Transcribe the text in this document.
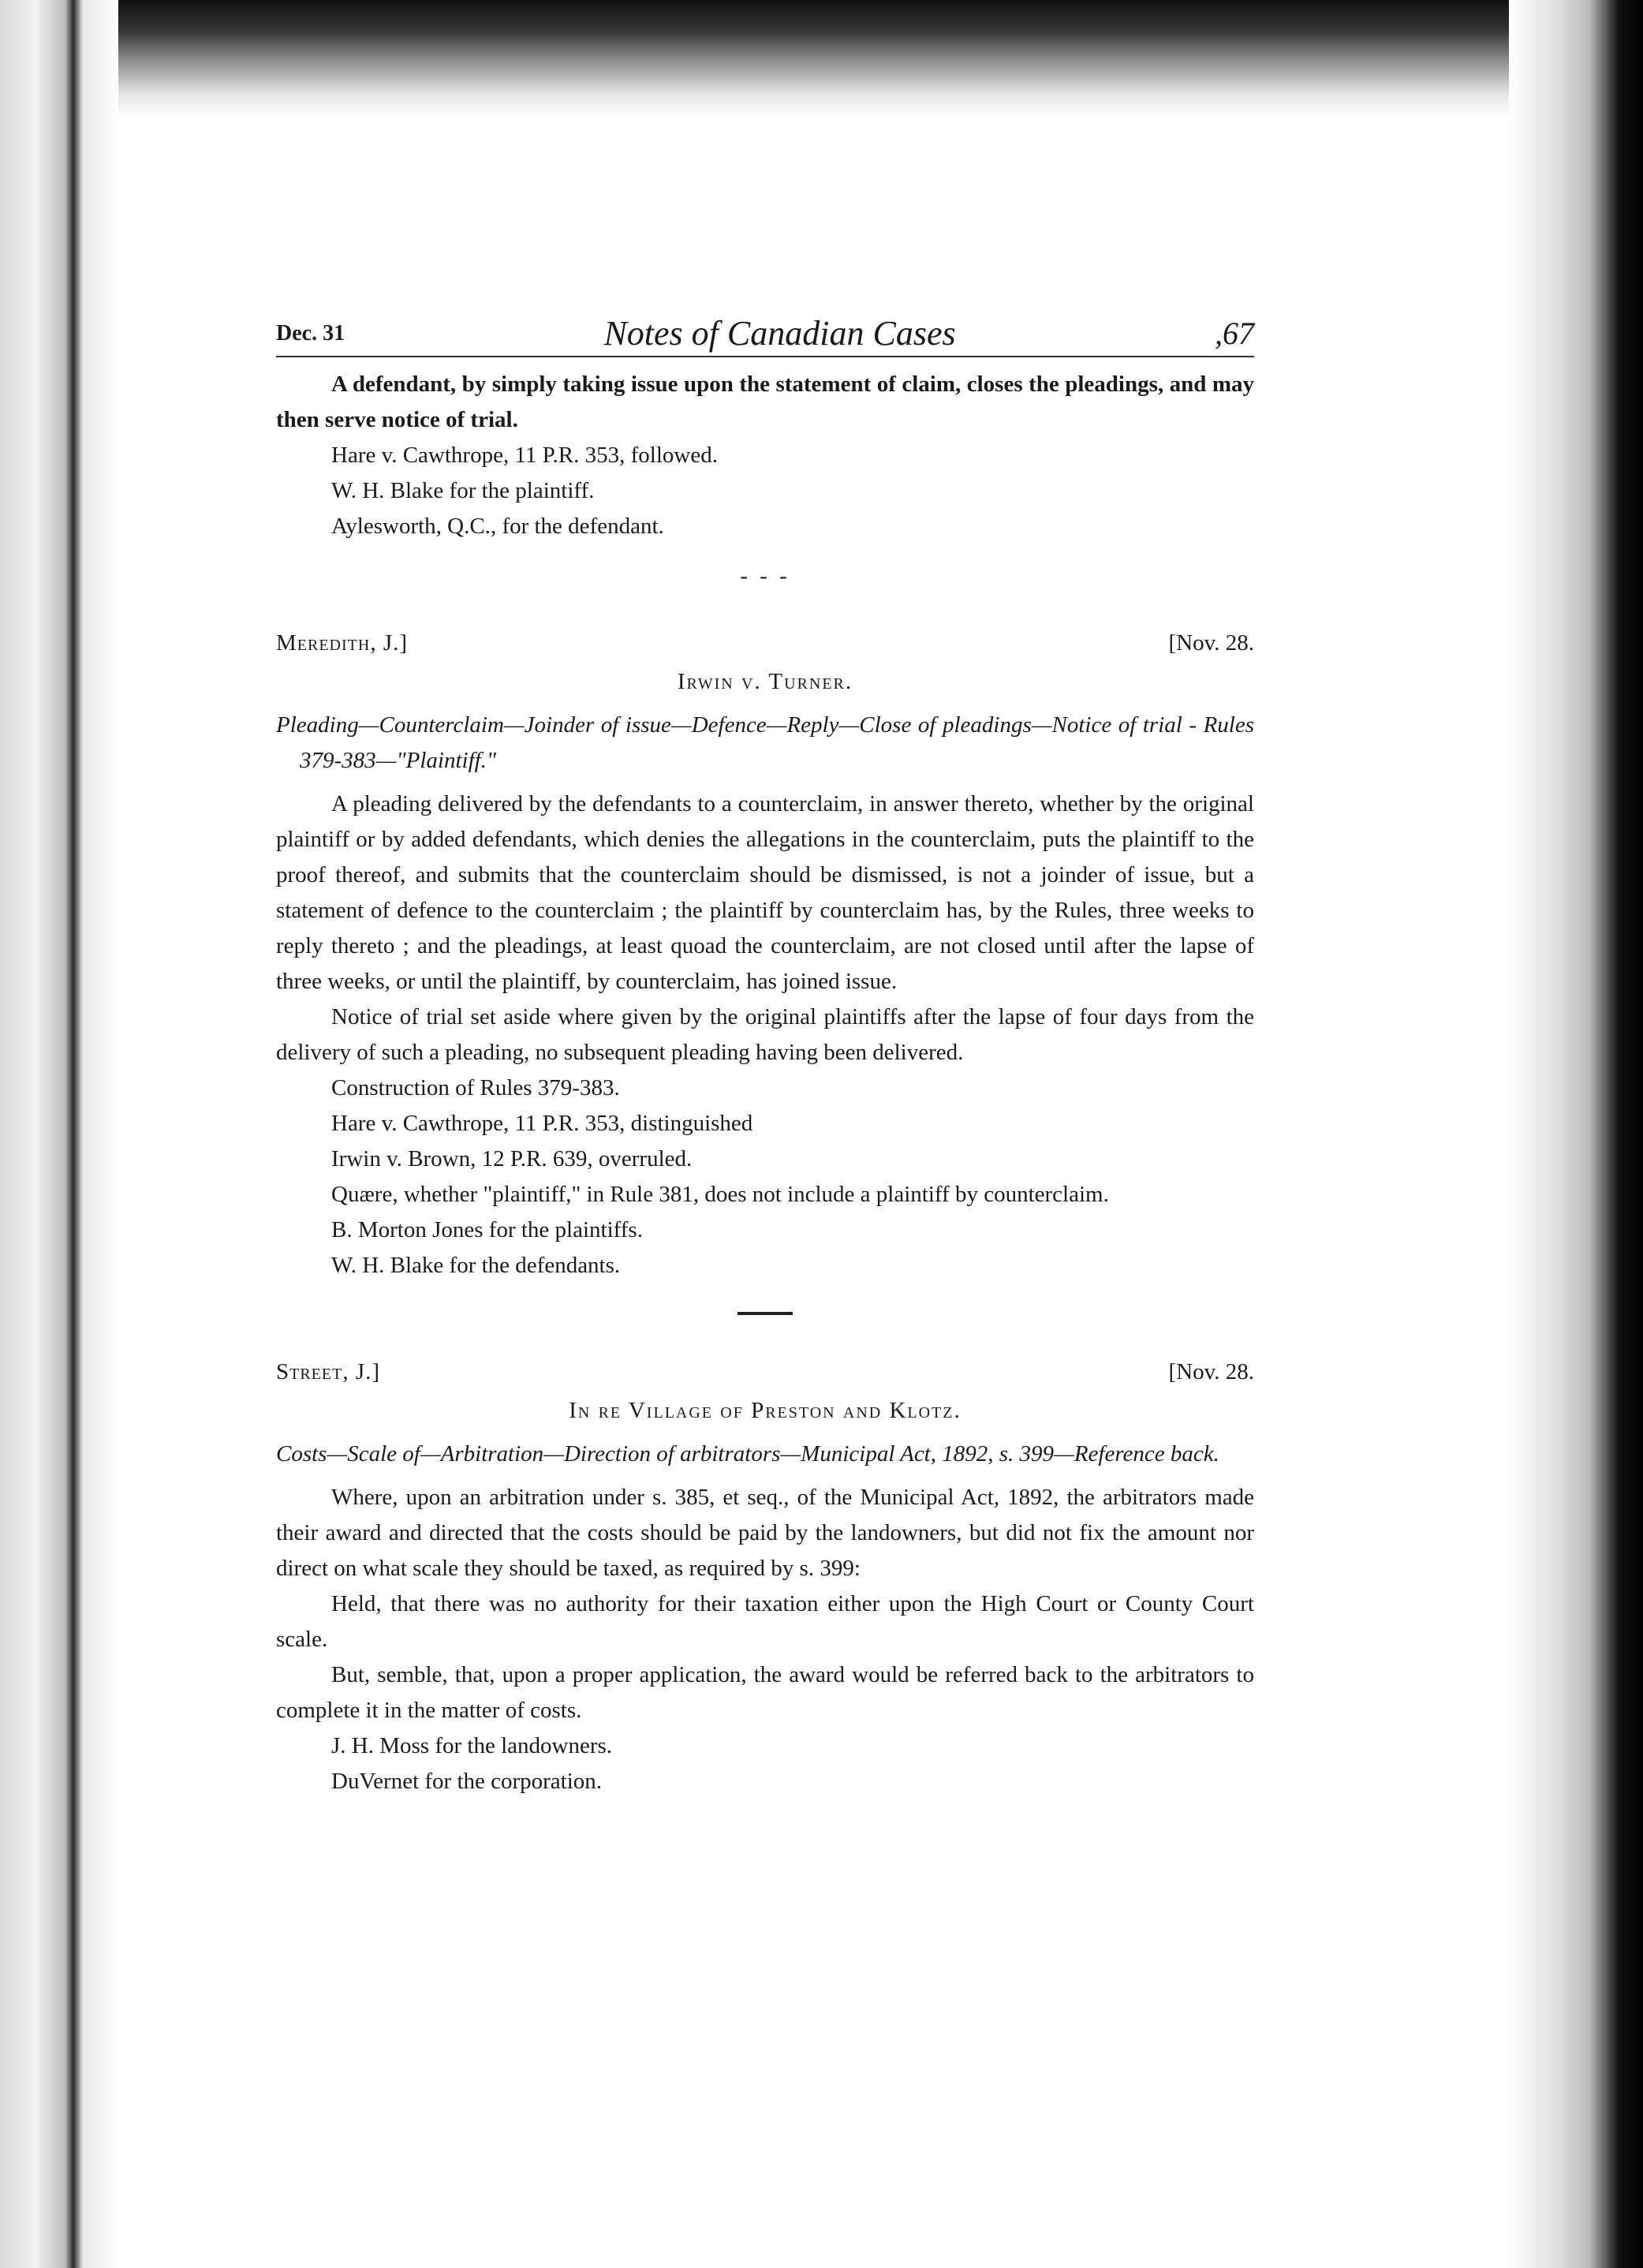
Dec. 31	Notes of Canadian Cases	,67

A defendant, by simply taking issue upon the statement of claim, closes the pleadings, and may then serve notice of trial.

Hare v. Cawthrope, 11 P.R. 353, followed.

W. H. Blake for the plaintiff.

Aylesworth, Q.C., for the defendant.

- - -
Meredith, J.]	[Nov. 28.
Irwin v. Turner.

Pleading—Counterclaim—Joinder of issue—Defence—Reply—Close of pleadings—Notice of trial - Rules 379-383—"Plaintiff."

A pleading delivered by the defendants to a counterclaim, in answer thereto, whether by the original plaintiff or by added defendants, which denies the allegations in the counterclaim, puts the plaintiff to the proof thereof, and submits that the counterclaim should be dismissed, is not a joinder of issue, but a statement of defence to the counterclaim ; the plaintiff by counterclaim has, by the Rules, three weeks to reply thereto ; and the pleadings, at least quoad the counterclaim, are not closed until after the lapse of three weeks, or until the plaintiff, by counterclaim, has joined issue.

Notice of trial set aside where given by the original plaintiffs after the lapse of four days from the delivery of such a pleading, no subsequent pleading having been delivered.

Construction of Rules 379-383.

Hare v. Cawthrope, 11 P.R. 353, distinguished

Irwin v. Brown, 12 P.R. 639, overruled.

Quære, whether "plaintiff," in Rule 381, does not include a plaintiff by counterclaim.

B. Morton Jones for the plaintiffs.

W. H. Blake for the defendants.

Street, J.]	[Nov. 28.
In re Village of Preston and Klotz.

Costs—Scale of—Arbitration—Direction of arbitrators—Municipal Act, 1892, s. 399—Reference back.

Where, upon an arbitration under s. 385, et seq., of the Municipal Act, 1892, the arbitrators made their award and directed that the costs should be paid by the landowners, but did not fix the amount nor direct on what scale they should be taxed, as required by s. 399:

Held, that there was no authority for their taxation either upon the High Court or County Court scale.

But, semble, that, upon a proper application, the award would be referred back to the arbitrators to complete it in the matter of costs.

J. H. Moss for the landowners.

DuVernet for the corporation.
